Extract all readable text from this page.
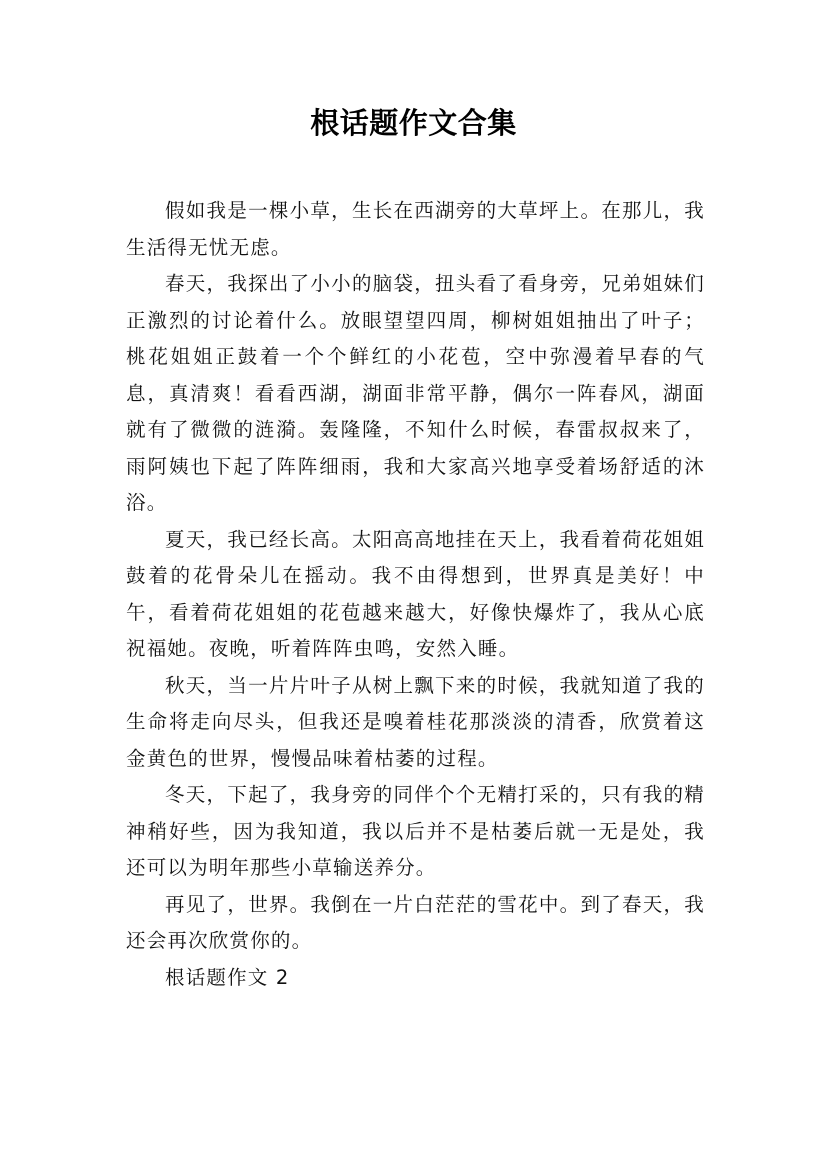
根话题作文合集

假如我是一棵小草，生长在西湖旁的大草坪上。在那儿，我生活得无忧无虑。

春天，我探出了小小的脑袋，扭头看了看身旁，兄弟姐妹们正激烈的讨论着什么。放眼望望四周，柳树姐姐抽出了叶子；桃花姐姐正鼓着一个个鲜红的小花苞，空中弥漫着早春的气息，真清爽！看看西湖，湖面非常平静，偶尔一阵春风，湖面就有了微微的涟漪。轰隆隆，不知什么时候，春雷叔叔来了，雨阿姨也下起了阵阵细雨，我和大家高兴地享受着场舒适的沐浴。

夏天，我已经长高。太阳高高地挂在天上，我看着荷花姐姐鼓着的花骨朵儿在摇动。我不由得想到，世界真是美好！中午，看着荷花姐姐的花苞越来越大，好像快爆炸了，我从心底祝福她。夜晚，听着阵阵虫鸣，安然入睡。

秋天，当一片片叶子从树上飘下来的时候，我就知道了我的生命将走向尽头，但我还是嗅着桂花那淡淡的清香，欣赏着这金黄色的世界，慢慢品味着枯萎的过程。

冬天，下起了，我身旁的同伴个个无精打采的，只有我的精神稍好些，因为我知道，我以后并不是枯萎后就一无是处，我还可以为明年那些小草输送养分。

再见了，世界。我倒在一片白茫茫的雪花中。到了春天，我还会再次欣赏你的。

根话题作文 2
